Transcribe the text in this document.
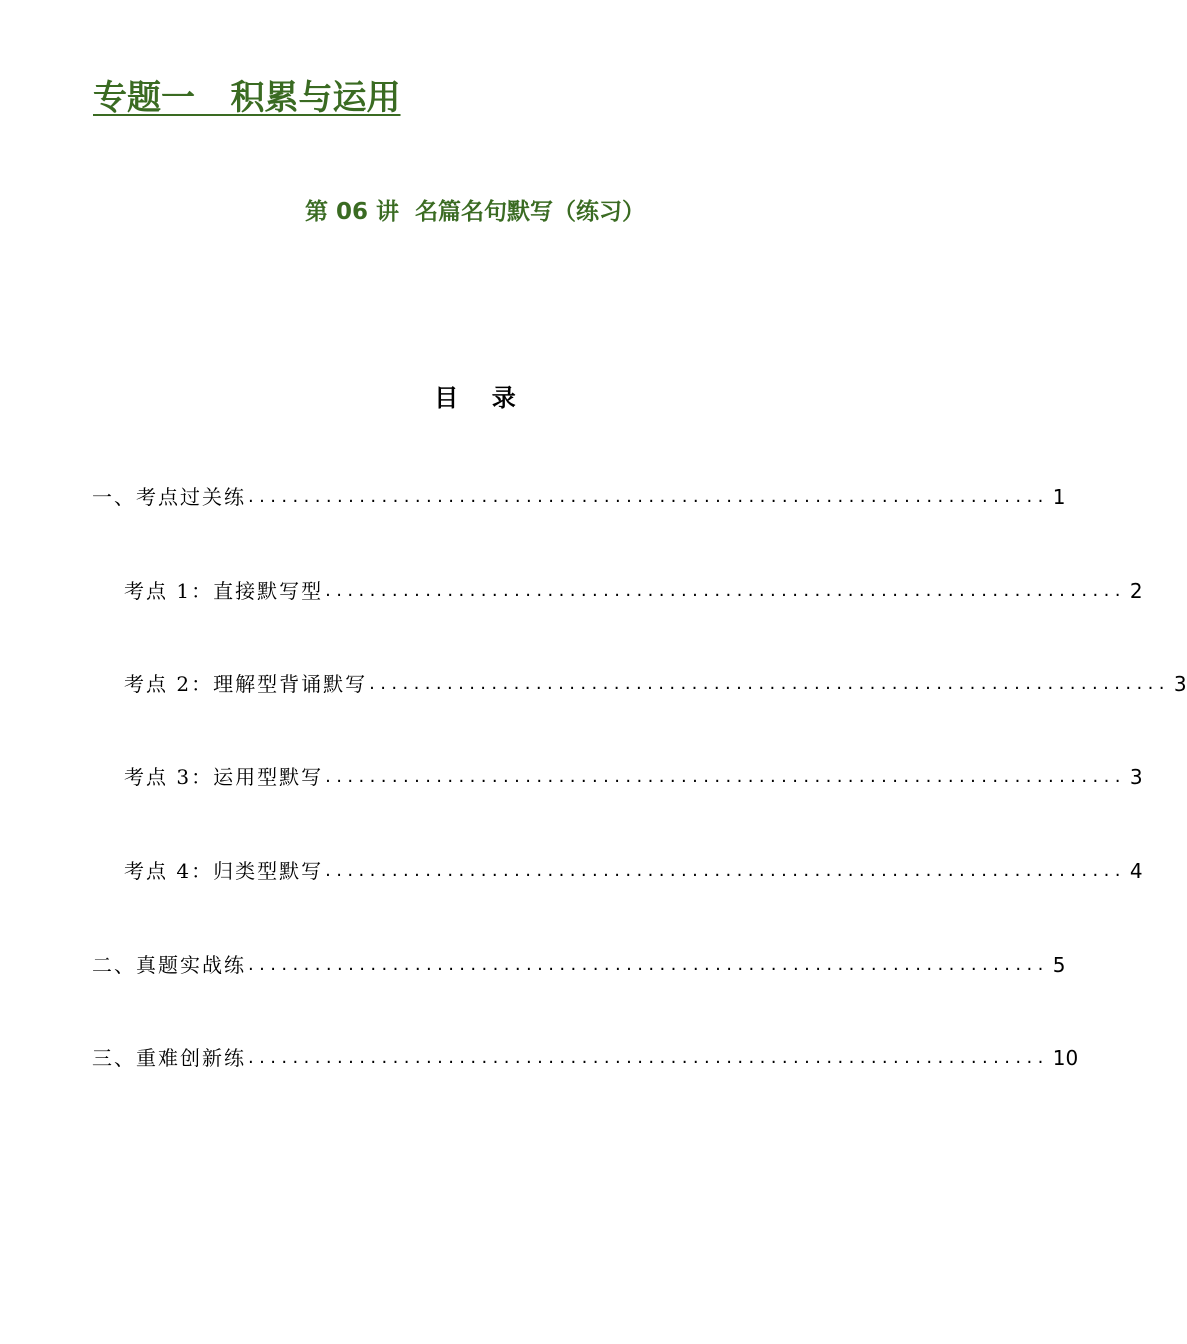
专题一   积累与运用
第 06 讲  名篇名句默写（练习）
目    录
一、考点过关练 ........................................................................ 1
考点 1：直接默写型 ........................................................................ 2
考点 2：理解型背诵默写 ........................................................................ 3
考点 3：运用型默写 ........................................................................ 3
考点 4：归类型默写 ........................................................................ 4
二、真题实战练 ........................................................................ 5
三、重难创新练 ........................................................................ 10
